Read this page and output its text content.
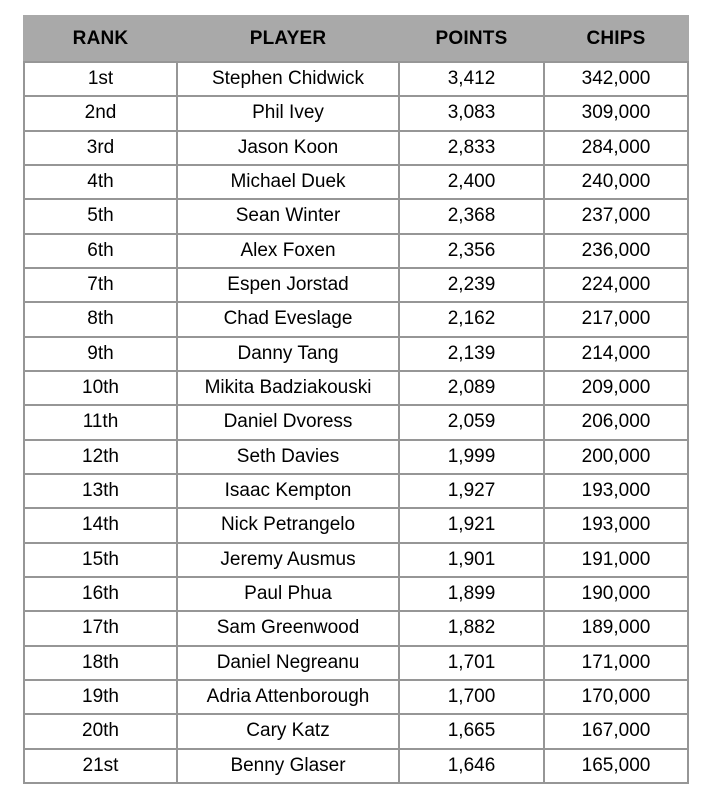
RANK	PLAYER	POINTS	CHIPS
1st	Stephen Chidwick	3,412	342,000
2nd	Phil Ivey	3,083	309,000
3rd	Jason Koon	2,833	284,000
4th	Michael Duek	2,400	240,000
5th	Sean Winter	2,368	237,000
6th	Alex Foxen	2,356	236,000
7th	Espen Jorstad	2,239	224,000
8th	Chad Eveslage	2,162	217,000
9th	Danny Tang	2,139	214,000
10th	Mikita Badziakouski	2,089	209,000
11th	Daniel Dvoress	2,059	206,000
12th	Seth Davies	1,999	200,000
13th	Isaac Kempton	1,927	193,000
14th	Nick Petrangelo	1,921	193,000
15th	Jeremy Ausmus	1,901	191,000
16th	Paul Phua	1,899	190,000
17th	Sam Greenwood	1,882	189,000
18th	Daniel Negreanu	1,701	171,000
19th	Adria Attenborough	1,700	170,000
20th	Cary Katz	1,665	167,000
21st	Benny Glaser	1,646	165,000
